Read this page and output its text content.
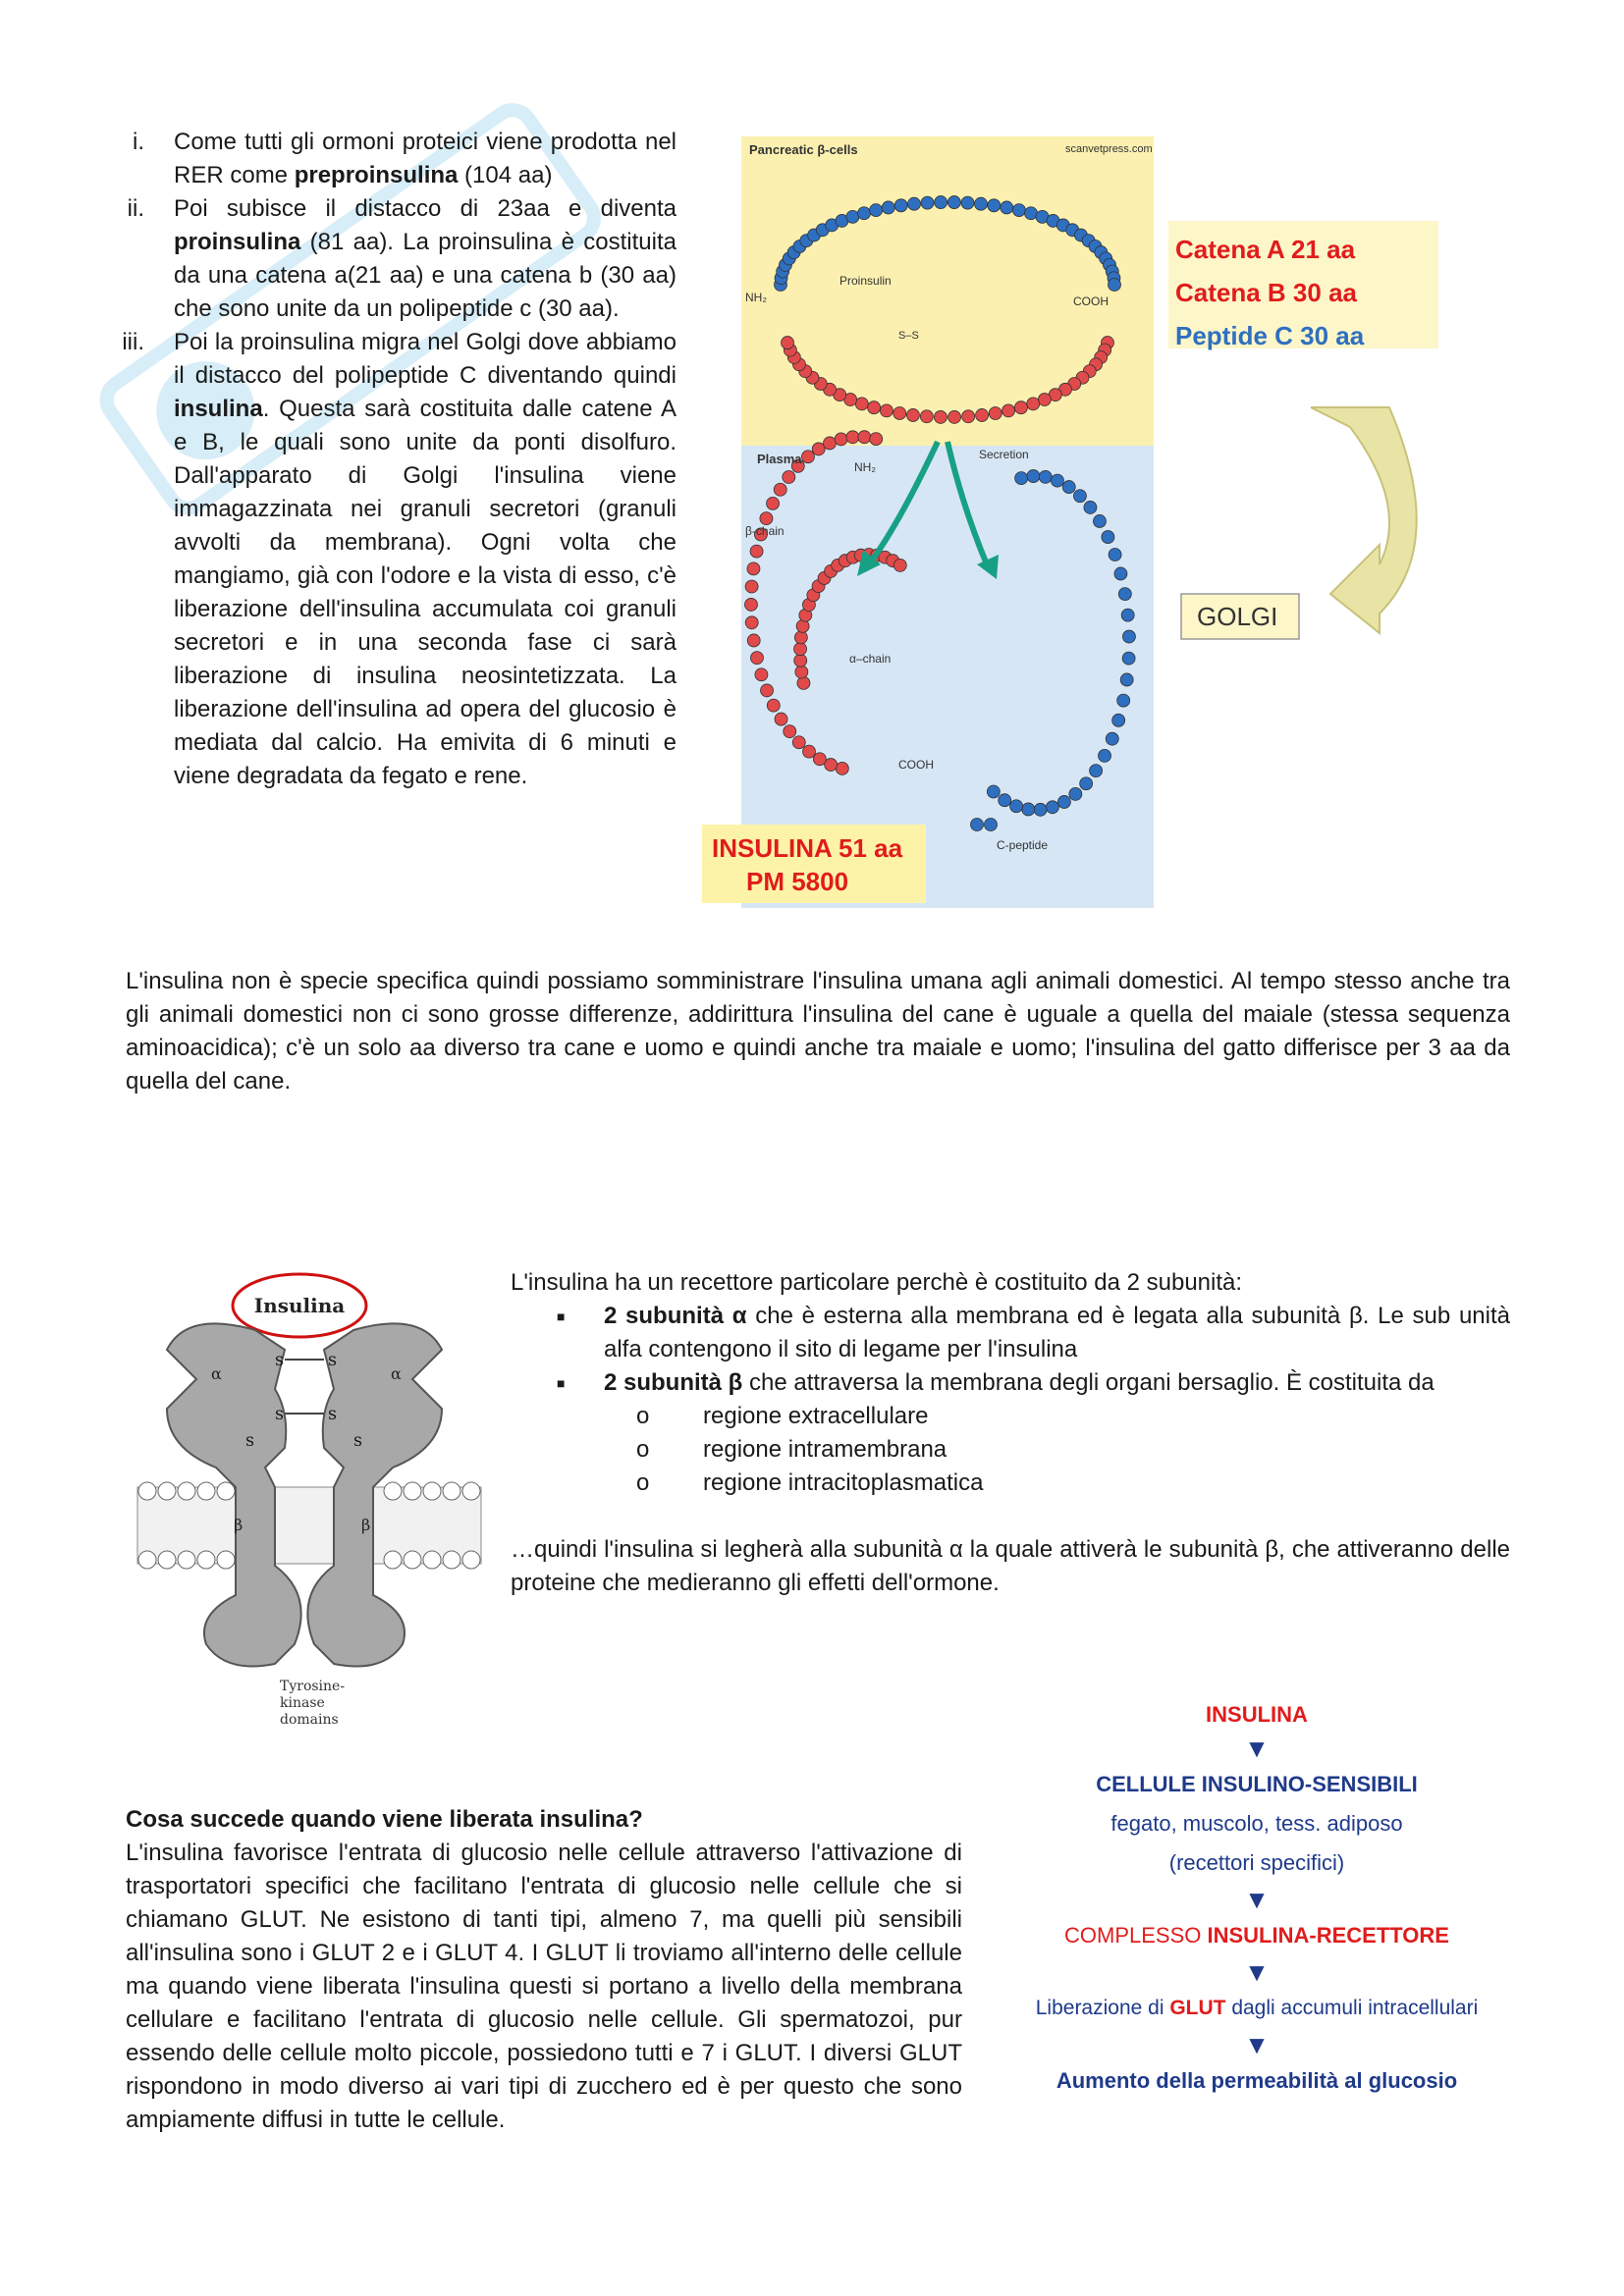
i. Come tutti gli ormoni proteici viene prodotta nel RER come preproinsulina (104 aa)
ii. Poi subisce il distacco di 23aa e diventa proinsulina (81 aa). La proinsulina è costituita da una catena a(21 aa) e una catena b (30 aa) che sono unite da un polipeptide c (30 aa).
iii. Poi la proinsulina migra nel Golgi dove abbiamo il distacco del polipeptide C diventando quindi insulina. Questa sarà costituita dalle catene A e B, le quali sono unite da ponti disolfuro. Dall'apparato di Golgi l'insulina viene immagazzinata nei granuli secretori (granuli avvolti da membrana). Ogni volta che mangiamo, già con l'odore e la vista di esso, c'è liberazione dell'insulina accumulata coi granuli secretori e in una seconda fase ci sarà liberazione di insulina neosintetizzata. La liberazione dell'insulina ad opera del glucosio è mediata dal calcio. Ha emivita di 6 minuti e viene degradata da fegato e rene.
Pancreatic β-cells	scanvetpress.com
Proinsulin
NH₂	COOH
S–S
Plasma	Secretion
NH₂
β-chain
α–chain
COOH
C-peptide
Catena A 21 aa
Catena B 30 aa
Peptide C 30 aa
GOLGI
INSULINA 51 aa
PM 5800
L'insulina non è specie specifica quindi possiamo somministrare l'insulina umana agli animali domestici. Al tempo stesso anche tra gli animali domestici non ci sono grosse differenze, addirittura l'insulina del cane è uguale a quella del maiale (stessa sequenza aminoacidica); c'è un solo aa diverso tra cane e uomo e quindi anche tra maiale e uomo; l'insulina del gatto differisce per 3 aa da quella del cane.
Insulina
α	α
β	β
S	S
S	S
S	S
Tyrosine-
kinase
domains
L'insulina ha un recettore particolare perchè è costituito da 2 subunità:
■ 2 subunità α che è esterna alla membrana ed è legata alla subunità β. Le sub unità alfa contengono il sito di legame per l'insulina
■ 2 subunità β che attraversa la membrana degli organi bersaglio. È costituita da
o regione extracellulare
o regione intramembrana
o regione intracitoplasmatica
…quindi l'insulina si legherà alla subunità α la quale attiverà le subunità β, che attiveranno delle proteine che medieranno gli effetti dell'ormone.
Cosa succede quando viene liberata insulina?
L'insulina favorisce l'entrata di glucosio nelle cellule attraverso l'attivazione di trasportatori specifici che facilitano l'entrata di glucosio nelle cellule che si chiamano GLUT. Ne esistono di tanti tipi, almeno 7, ma quelli più sensibili all'insulina sono i GLUT 2 e i GLUT 4. I GLUT li troviamo all'interno delle cellule ma quando viene liberata l'insulina questi si portano a livello della membrana cellulare e facilitano l'entrata di glucosio nelle cellule. Gli spermatozoi, pur essendo delle cellule molto piccole, possiedono tutti e 7 i GLUT. I diversi GLUT rispondono in modo diverso ai vari tipi di zucchero ed è per questo che sono ampiamente diffusi in tutte le cellule.
INSULINA
▼
CELLULE INSULINO-SENSIBILI
fegato, muscolo, tess. adiposo
(recettori specifici)
▼
COMPLESSO INSULINA-RECETTORE
▼
Liberazione di GLUT dagli accumuli intracellulari
▼
Aumento della permeabilità al glucosio
